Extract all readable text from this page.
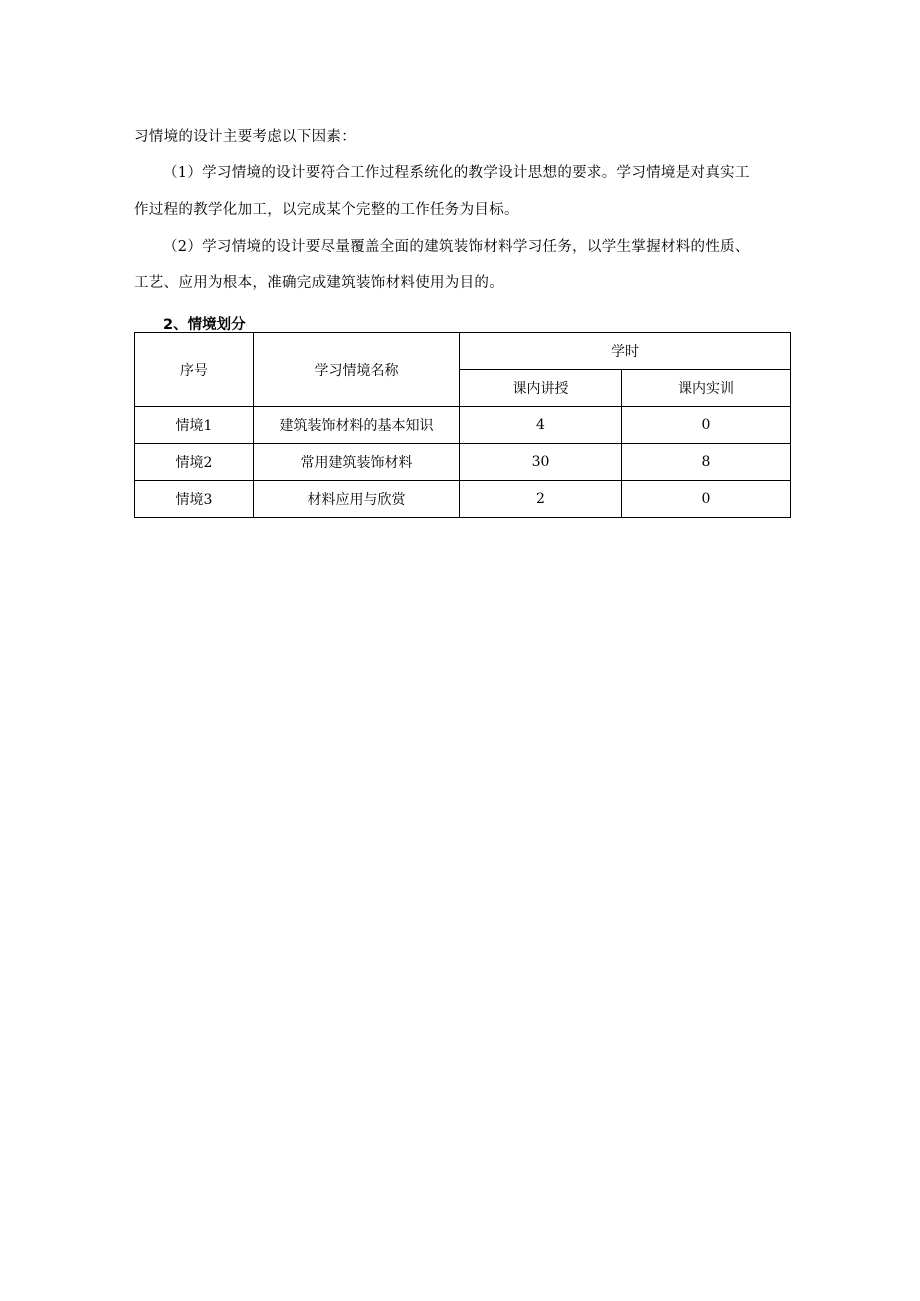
习情境的设计主要考虑以下因素：
（1）学习情境的设计要符合工作过程系统化的教学设计思想的要求。学习情境是对真实工
作过程的教学化加工，以完成某个完整的工作任务为目标。
（2）学习情境的设计要尽量覆盖全面的建筑装饰材料学习任务，以学生掌握材料的性质、
工艺、应用为根本，准确完成建筑装饰材料使用为目的。
2、情境划分
序号	学习情境名称	学时	
		课内讲授	课内实训
情境1	建筑装饰材料的基本知识	4	0
情境2	常用建筑装饰材料	30	8
情境3	材料应用与欣赏	2	0
